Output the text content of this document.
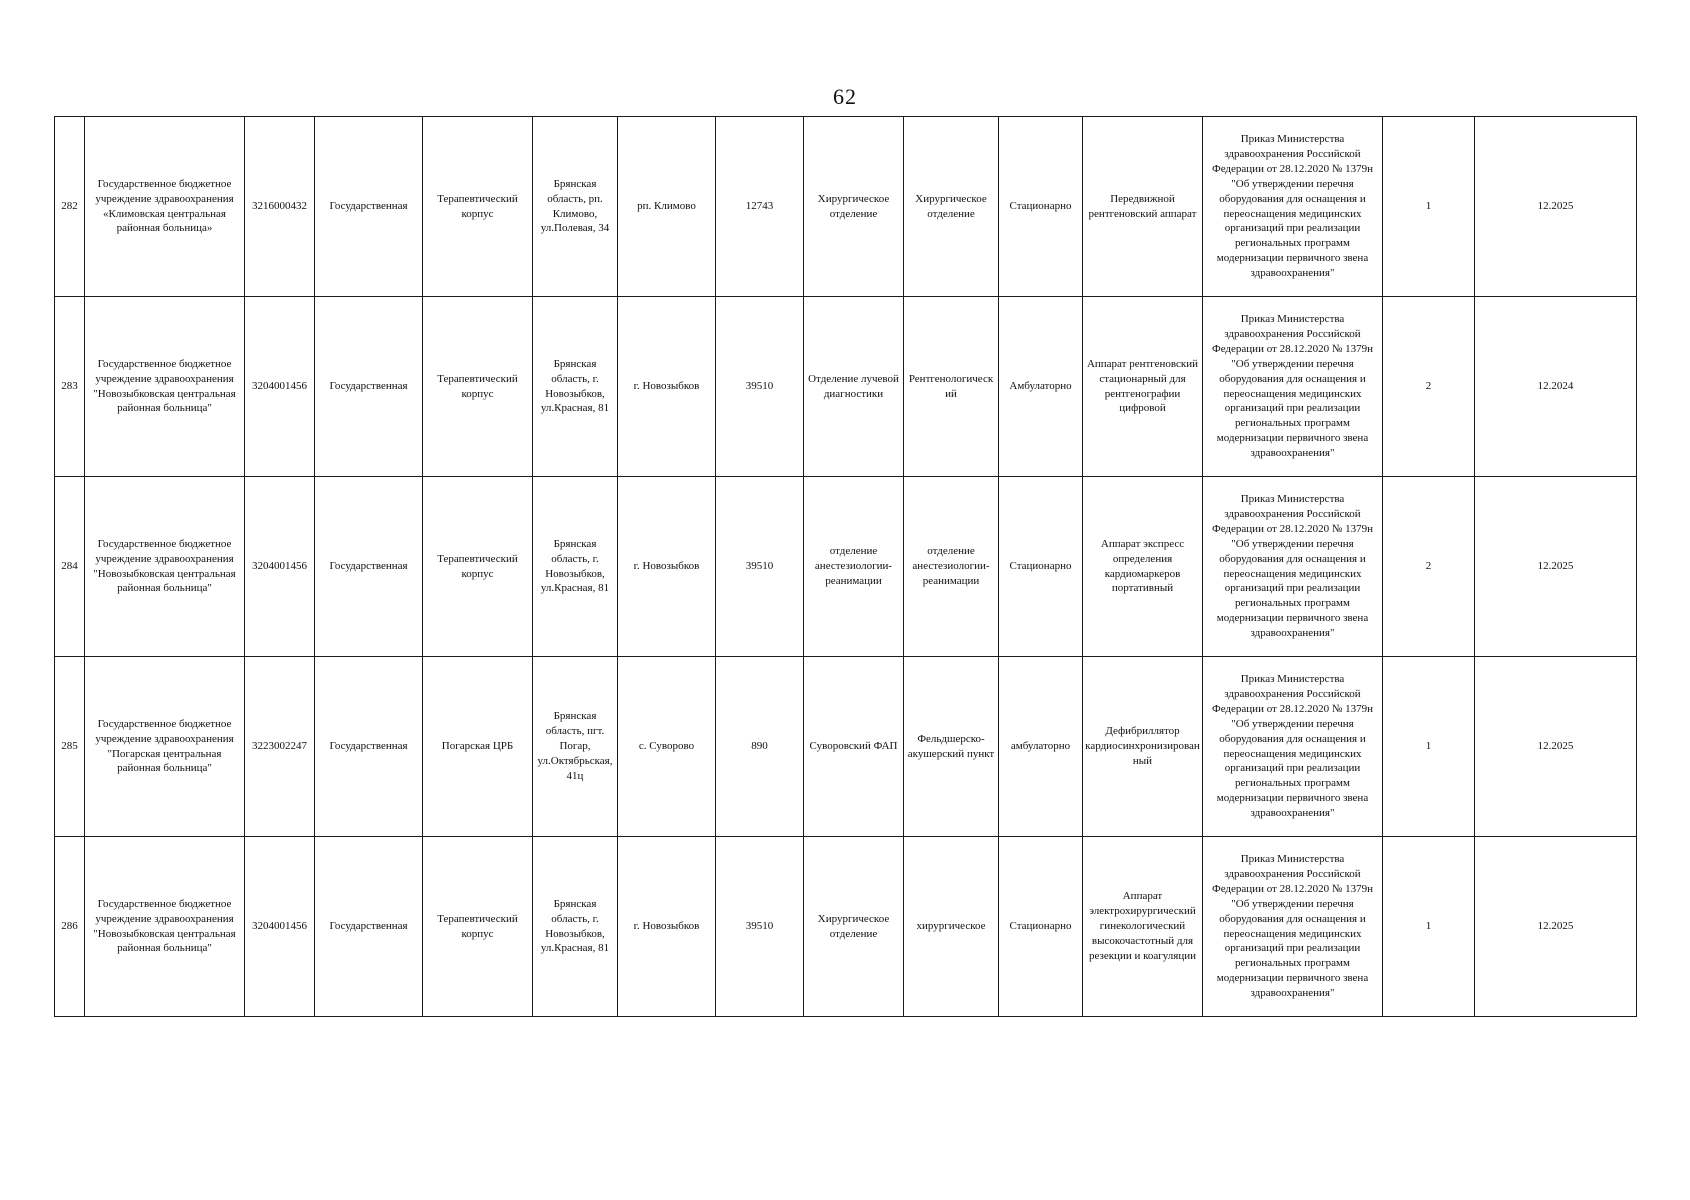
62
282	Государственное бюджетное учреждение здравоохранения «Климовская центральная районная больница»	3216000432	Государственная	Терапевтический корпус	Брянская область, рп. Климово, ул.Полевая, 34	рп. Климово	12743	Хирургическое отделение	Хирургическое отделение	Стационарно	Передвижной рентгеновский аппарат	Приказ Министерства здравоохранения Российской Федерации от 28.12.2020 № 1379н "Об утверждении перечня оборудования для оснащения и переоснащения медицинских организаций при реализации региональных программ модернизации первичного звена здравоохранения"	1	12.2025
283	Государственное бюджетное учреждение здравоохранения "Новозыбковская центральная районная больница"	3204001456	Государственная	Терапевтический корпус	Брянская область, г. Новозыбков, ул.Красная, 81	г. Новозыбков	39510	Отделение лучевой диагностики	Рентгенологический	Амбулаторно	Аппарат рентгеновский стационарный для рентгенографии цифровой	Приказ Министерства здравоохранения Российской Федерации от 28.12.2020 № 1379н "Об утверждении перечня оборудования для оснащения и переоснащения медицинских организаций при реализации региональных программ модернизации первичного звена здравоохранения"	2	12.2024
284	Государственное бюджетное учреждение здравоохранения "Новозыбковская центральная районная больница"	3204001456	Государственная	Терапевтический корпус	Брянская область, г. Новозыбков, ул.Красная, 81	г. Новозыбков	39510	отделение анестезиологии-реанимации	отделение анестезиологии-реанимации	Стационарно	Аппарат экспресс определения кардиомаркеров портативный	Приказ Министерства здравоохранения Российской Федерации от 28.12.2020 № 1379н "Об утверждении перечня оборудования для оснащения и переоснащения медицинских организаций при реализации региональных программ модернизации первичного звена здравоохранения"	2	12.2025
285	Государственное бюджетное учреждение здравоохранения "Погарская центральная районная больница"	3223002247	Государственная	Погарская ЦРБ	Брянская область, пгт. Погар, ул.Октябрьская, 41ц	с. Суворово	890	Суворовский ФАП	Фельдшерско-акушерский пункт	амбулаторно	Дефибриллятор кардиосинхронизированный	Приказ Министерства здравоохранения Российской Федерации от 28.12.2020 № 1379н "Об утверждении перечня оборудования для оснащения и переоснащения медицинских организаций при реализации региональных программ модернизации первичного звена здравоохранения"	1	12.2025
286	Государственное бюджетное учреждение здравоохранения "Новозыбковская центральная районная больница"	3204001456	Государственная	Терапевтический корпус	Брянская область, г. Новозыбков, ул.Красная, 81	г. Новозыбков	39510	Хирургическое отделение	хирургическое	Стационарно	Аппарат электрохирургический гинекологический высокочастотный для резекции и коагуляции	Приказ Министерства здравоохранения Российской Федерации от 28.12.2020 № 1379н "Об утверждении перечня оборудования для оснащения и переоснащения медицинских организаций при реализации региональных программ модернизации первичного звена здравоохранения"	1	12.2025
